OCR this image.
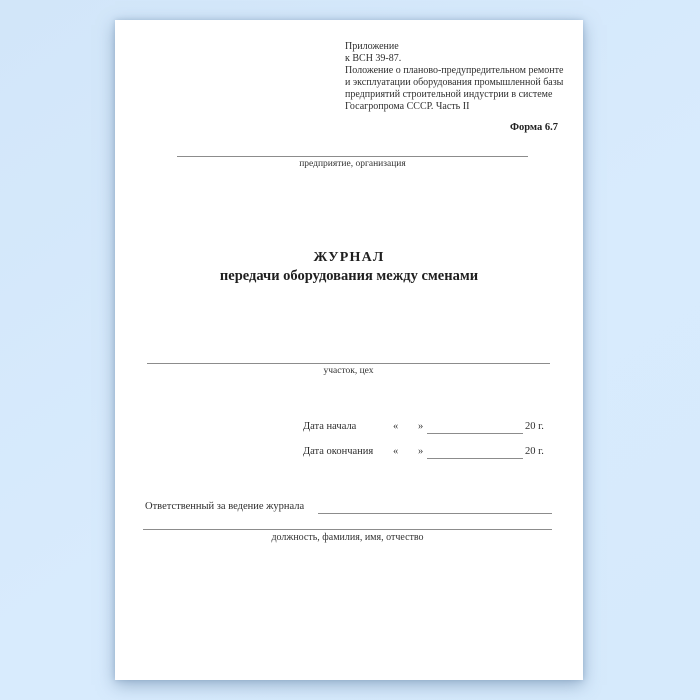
Приложение
к ВСН 39-87.
Положение о планово-предупредительном ремонте
и эксплуатации оборудования промышленной базы
предприятий строительной индустрии в системе
Госагропрома СССР. Часть II
Форма 6.7
предприятие, организация
ЖУРНАЛ
передачи оборудования между сменами
участок, цех
Дата начала	« »	20 г.
Дата окончания « »	20 г.
Ответственный за ведение журнала
должность, фамилия, имя, отчество
